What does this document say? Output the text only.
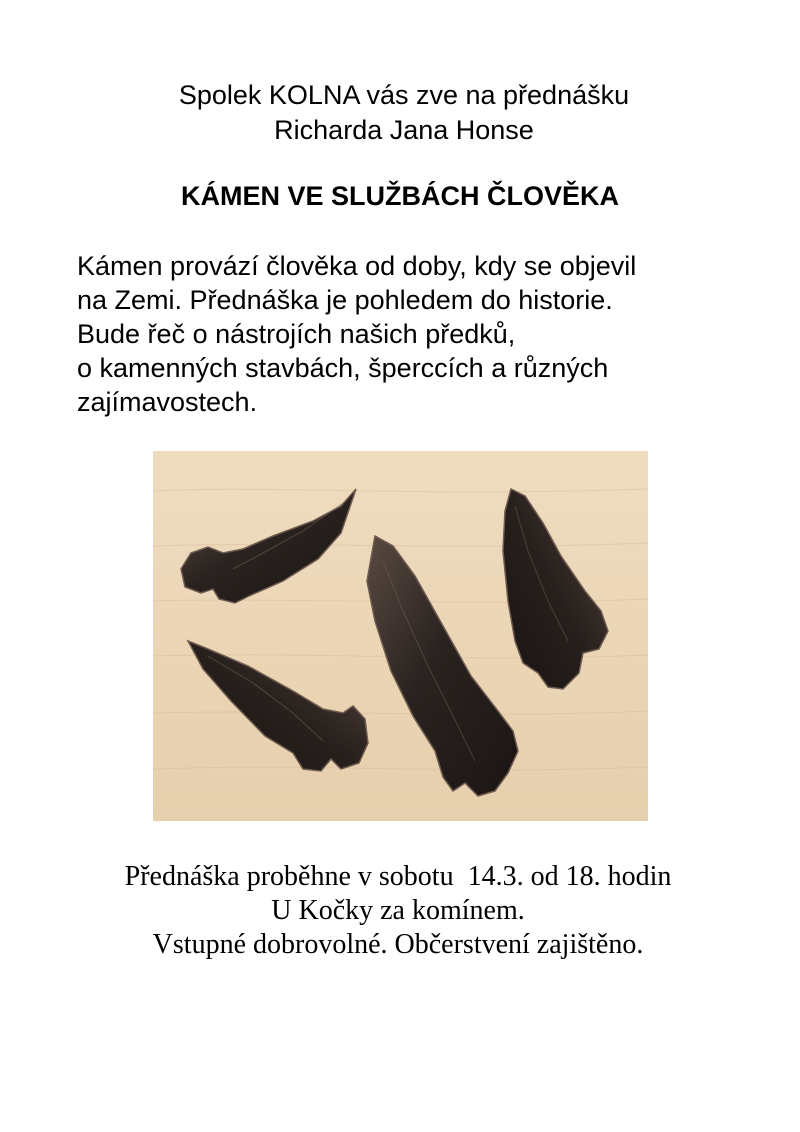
Spolek KOLNA vás zve na přednášku
Richarda Jana Honse
KÁMEN VE SLUŽBÁCH ČLOVĚKA
Kámen provází člověka od doby, kdy se objevil
na Zemi. Přednáška je pohledem do historie.
Bude řeč o nástrojích našich předků,
o kamenných stavbách, šperccích a různých
zajímavostech.
Přednáška proběhne v sobotu  14.3. od 18. hodin
U Kočky za komínem.
Vstupné dobrovolné. Občerstvení zajištěno.
